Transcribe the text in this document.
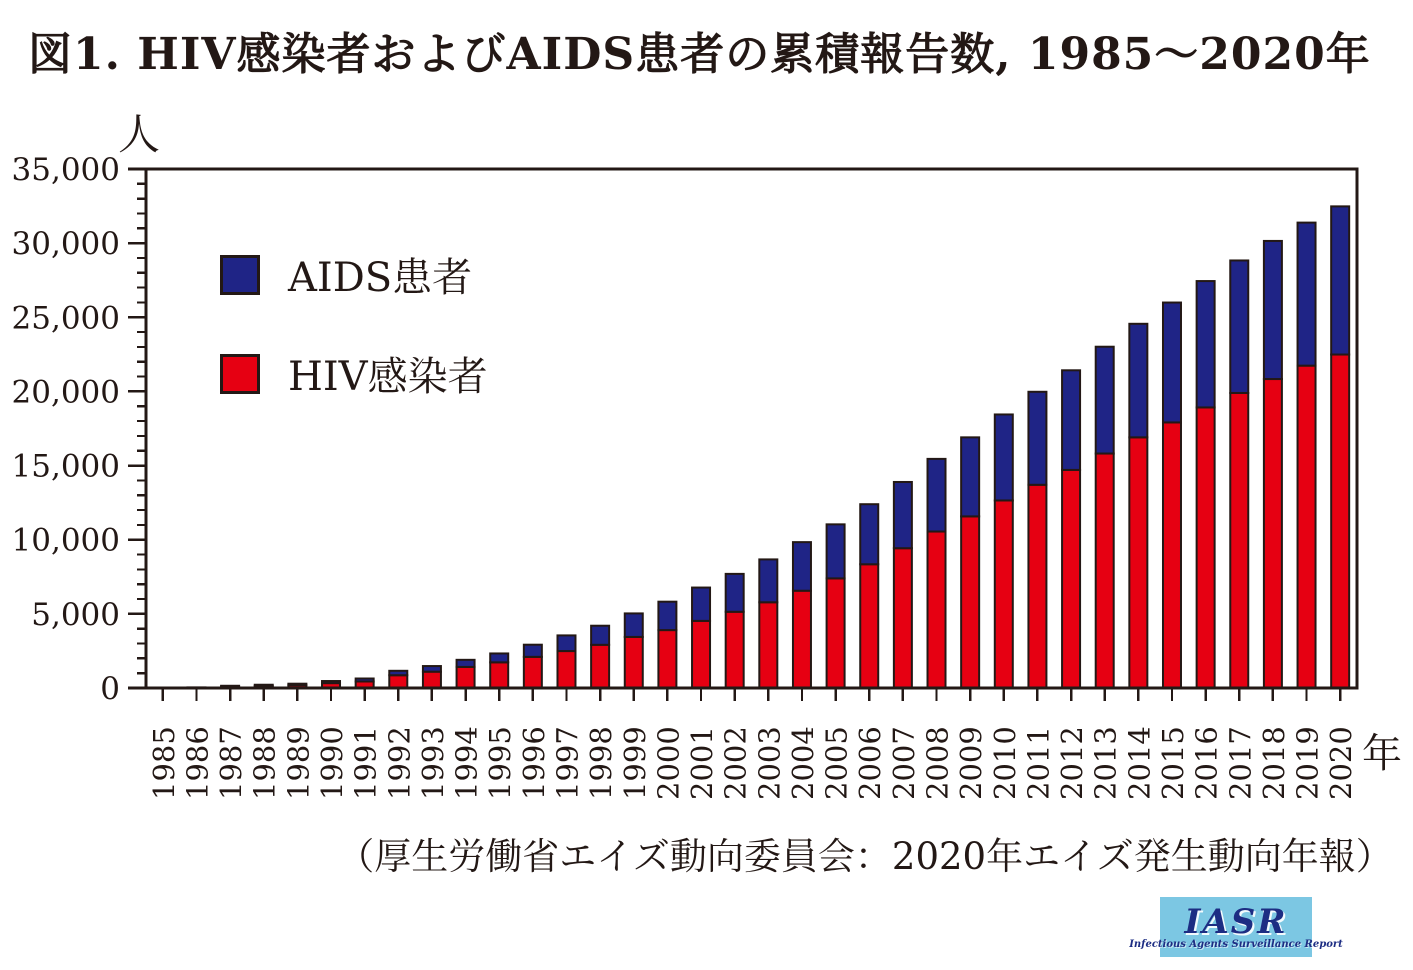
0
5,000
10,000
15,000
20,000
25,000
30,000
35,000
1985 1986 1987 1988 1989 1990 1991 1992 1993 1994 1995 1996 1997 1998 1999 2000 2001 2002 2003 2004 2005 2006 2007 2008 2009 2010 2011 2012 2013 2014 2015 2016 2017 2018 2019 2020
図1. HIV感染者およびAIDS患者の累積報告数, 1985～2020年
人
年
AIDS患者
HIV感染者
（厚生労働省エイズ動向委員会：2020年エイズ発生動向年報）
IASR
Infectious Agents Surveillance Report
